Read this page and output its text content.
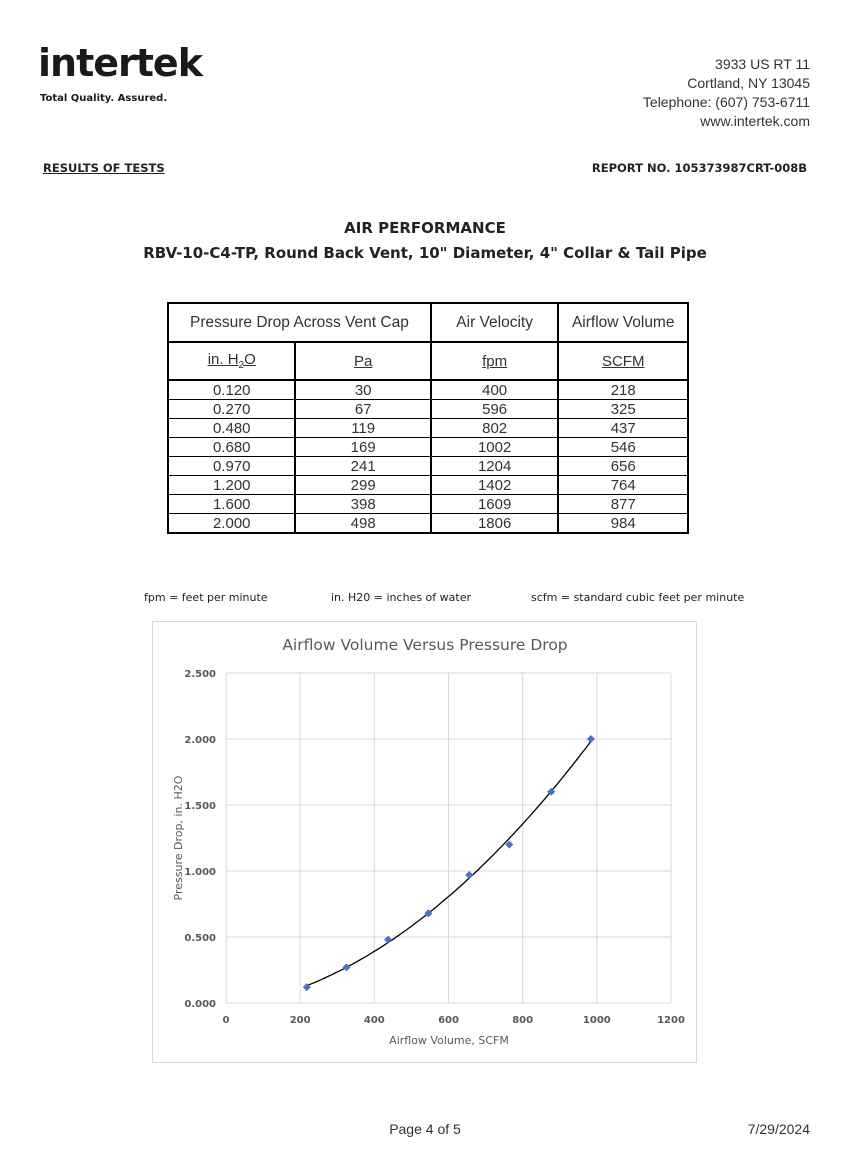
intertek
Total Quality. Assured.
3933 US RT 11
Cortland, NY 13045
Telephone: (607) 753-6711
www.intertek.com
RESULTS OF TESTS	REPORT NO. 105373987CRT-008B
AIR PERFORMANCE
RBV-10-C4-TP, Round Back Vent, 10" Diameter, 4" Collar & Tail Pipe
Pressure Drop Across Vent Cap		Air Velocity	Airflow Volume
in. $H_2O$	Pa	fpm	SCFM
0.120	30	400	218
0.270	67	596	325
0.480	119	802	437
0.680	169	1002	546
0.970	241	1204	656
1.200	299	1402	764
1.600	398	1609	877
2.000	498	1806	984
fpm = feet per minute	in. H20 = inches of water	scfm = standard cubic feet per minute
Airflow Volume Versus Pressure Drop
0.000
0.500
1.000
1.500
2.000
2.500
0	200	400	600	800	1000	1200
Airflow Volume, SCFM
Pressure Drop, in. H2O
Page 4 of 5	7/29/2024
